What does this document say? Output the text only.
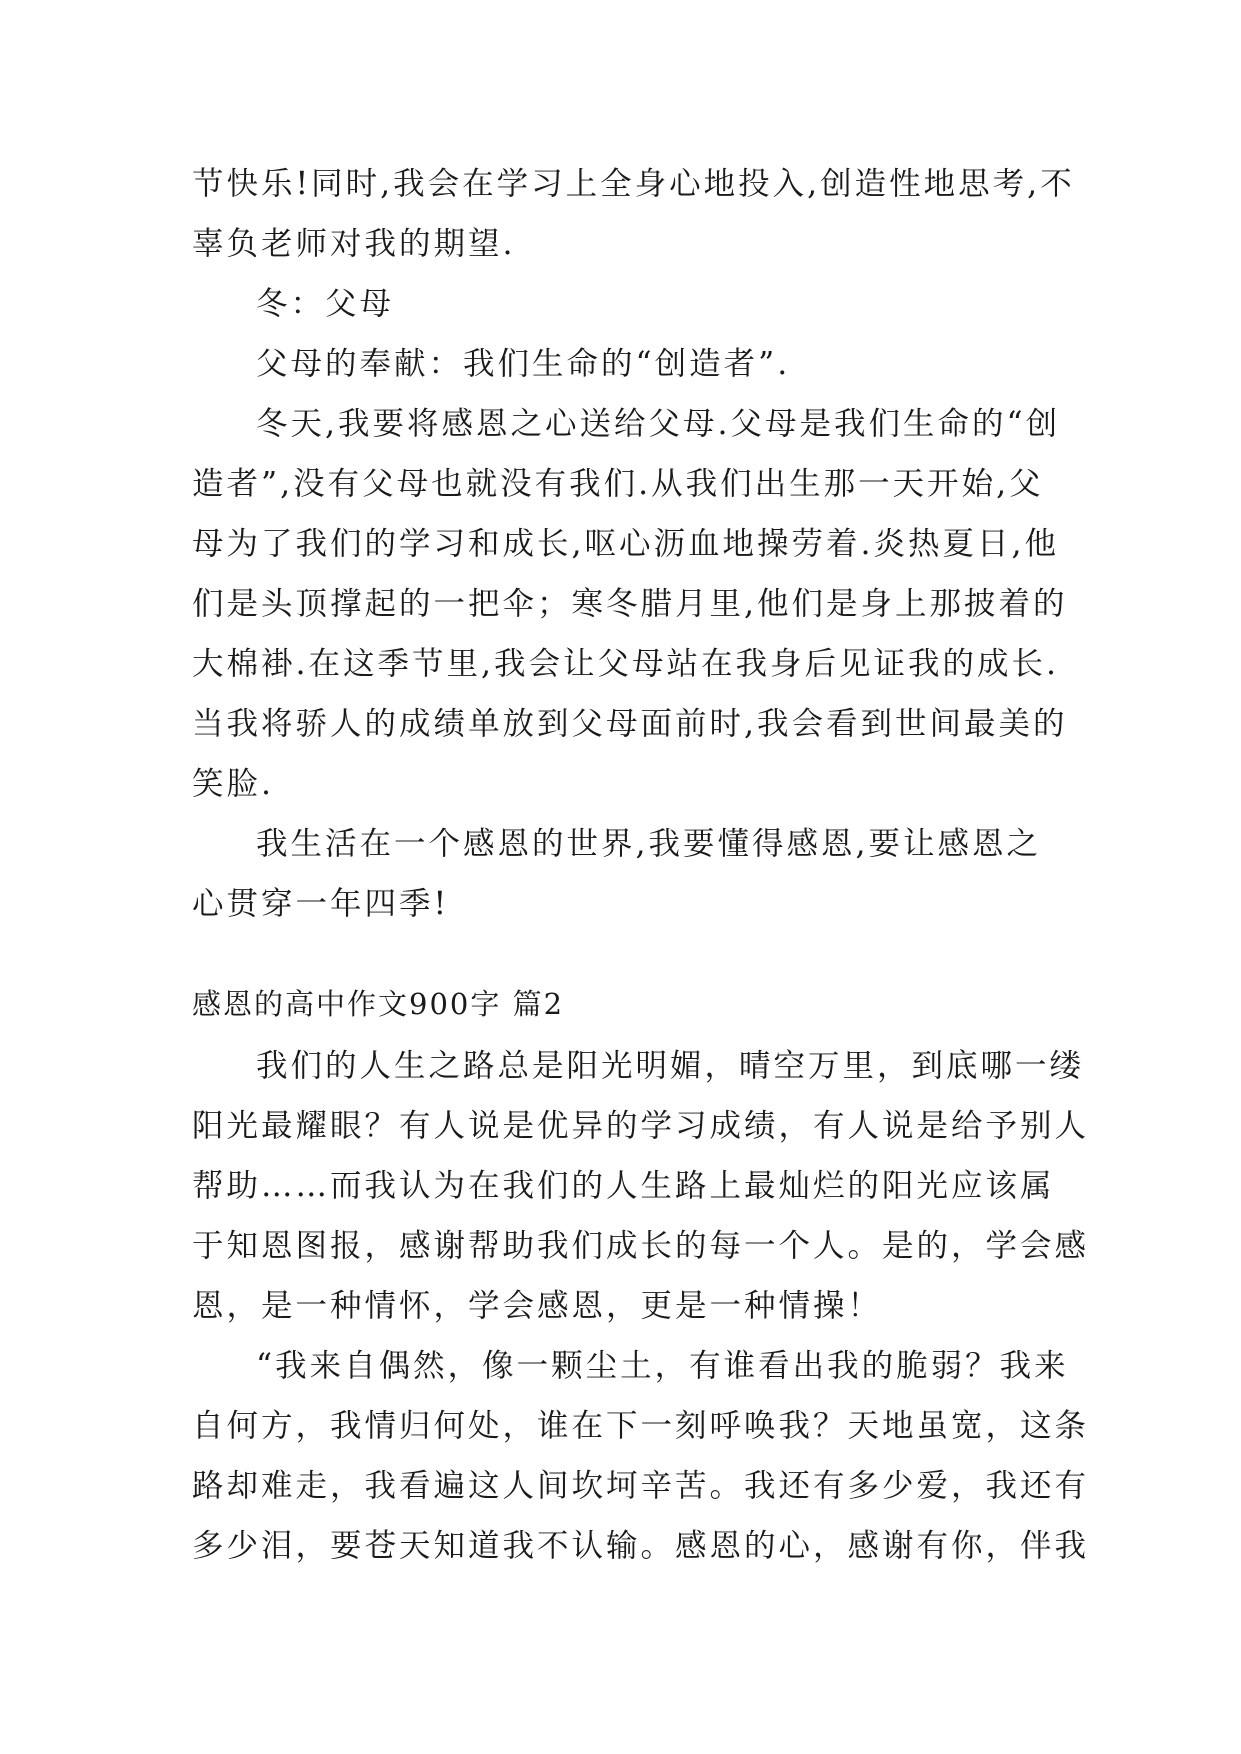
节快乐!同时,我会在学习上全身心地投入,创造性地思考,不
辜负老师对我的期望.

冬：父母

父母的奉献：我们生命的“创造者”.

冬天,我要将感恩之心送给父母.父母是我们生命的“创
造者”,没有父母也就没有我们.从我们出生那一天开始,父
母为了我们的学习和成长,呕心沥血地操劳着.炎热夏日,他
们是头顶撑起的一把伞；寒冬腊月里,他们是身上那披着的
大棉褂.在这季节里,我会让父母站在我身后见证我的成长.
当我将骄人的成绩单放到父母面前时,我会看到世间最美的
笑脸.

我生活在一个感恩的世界,我要懂得感恩,要让感恩之
心贯穿一年四季!

感恩的高中作文900字 篇2

我们的人生之路总是阳光明媚，晴空万里，到底哪一缕
阳光最耀眼？有人说是优异的学习成绩，有人说是给予别人
帮助……而我认为在我们的人生路上最灿烂的阳光应该属
于知恩图报，感谢帮助我们成长的每一个人。是的，学会感
恩，是一种情怀，学会感恩，更是一种情操！

“我来自偶然，像一颗尘土，有谁看出我的脆弱？我来
自何方，我情归何处，谁在下一刻呼唤我？天地虽宽，这条
路却难走，我看遍这人间坎坷辛苦。我还有多少爱，我还有
多少泪，要苍天知道我不认输。感恩的心，感谢有你，伴我
